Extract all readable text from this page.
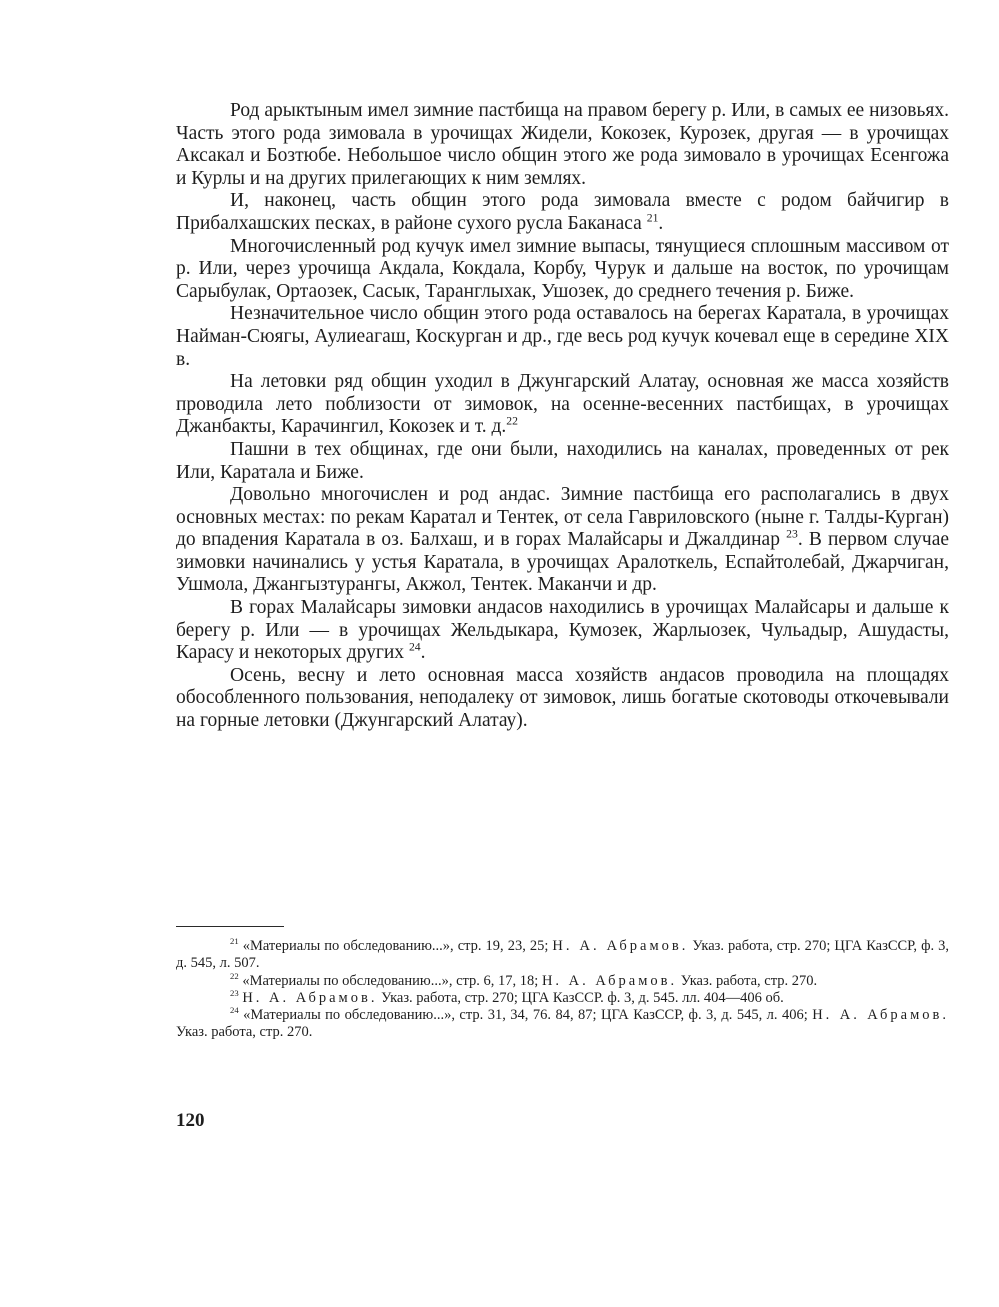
Род арыктыным имел зимние пастбища на правом берегу р. Или, в самых ее низовьях. Часть этого рода зимовала в урочищах Жидели, Кокозек, Курозек, другая — в урочищах Аксакал и Бозтюбе. Небольшое число общин этого же рода зимовало в урочищах Есенгожа и Курлы и на других прилегающих к ним землях.

И, наконец, часть общин этого рода зимовала вместе с родом байчигир в Прибалхашских песках, в районе сухого русла Баканаса $^{21}$.

Многочисленный род кучук имел зимние выпасы, тянущиеся сплошным массивом от р. Или, через урочища Акдала, Кокдала, Корбу, Чурук и дальше на восток, по урочищам Сарыбулак, Ортаозек, Сасык, Таранглыхак, Ушозек, до среднего течения р. Биже.

Незначительное число общин этого рода оставалось на берегах Каратала, в урочищах Найман-Сюягы, Аулиеагаш, Коскурган и др., где весь род кучук кочевал еще в середине XIX в.

На летовки ряд общин уходил в Джунгарский Алатау, основная же масса хозяйств проводила лето поблизости от зимовок, на осенне-весенних пастбищах, в урочищах Джанбакты, Карачингил, Кокозек и т. д.$^{22}$

Пашни в тех общинах, где они были, находились на каналах, проведенных от рек Или, Каратала и Биже.

Довольно многочислен и род андас. Зимние пастбища его располагались в двух основных местах: по рекам Каратал и Тентек, от села Гавриловского (ныне г. Талды-Курган) до впадения Каратала в оз. Балхаш, и в горах Малайсары и Джалдинар $^{23}$. В первом случае зимовки начинались у устья Каратала, в урочищах Аралоткель, Еспайтолебай, Джарчиган, Ушмола, Джангызтурангы, Акжол, Тентек. Маканчи и др.

В горах Малайсары зимовки андасов находились в урочищах Малайсары и дальше к берегу р. Или — в урочищах Жельдыкара, Кумозек, Жарлыозек, Чульадыр, Ашудасты, Карасу и некоторых других $^{24}$.

Осень, весну и лето основная масса хозяйств андасов проводила на площадях обособленного пользования, неподалеку от зимовок, лишь богатые скотоводы откочевывали на горные летовки (Джунгарский Алатау).

$^{21}$ «Материалы по обследованию...», стр. 19, 23, 25; Н. А. Абрамов. Указ. работа, стр. 270; ЦГА КазССР, ф. 3, д. 545, л. 507.

$^{22}$ «Материалы по обследованию...», стр. 6, 17, 18; Н. А. Абрамов. Указ. работа, стр. 270.

$^{23}$ Н. А. Абрамов. Указ. работа, стр. 270; ЦГА КазССР. ф. 3, д. 545. лл. 404—406 об.

$^{24}$ «Материалы по обследованию...», стр. 31, 34, 76. 84, 87; ЦГА КазССР, ф. 3, д. 545, л. 406; Н. А. Абрамов. Указ. работа, стр. 270.

120
